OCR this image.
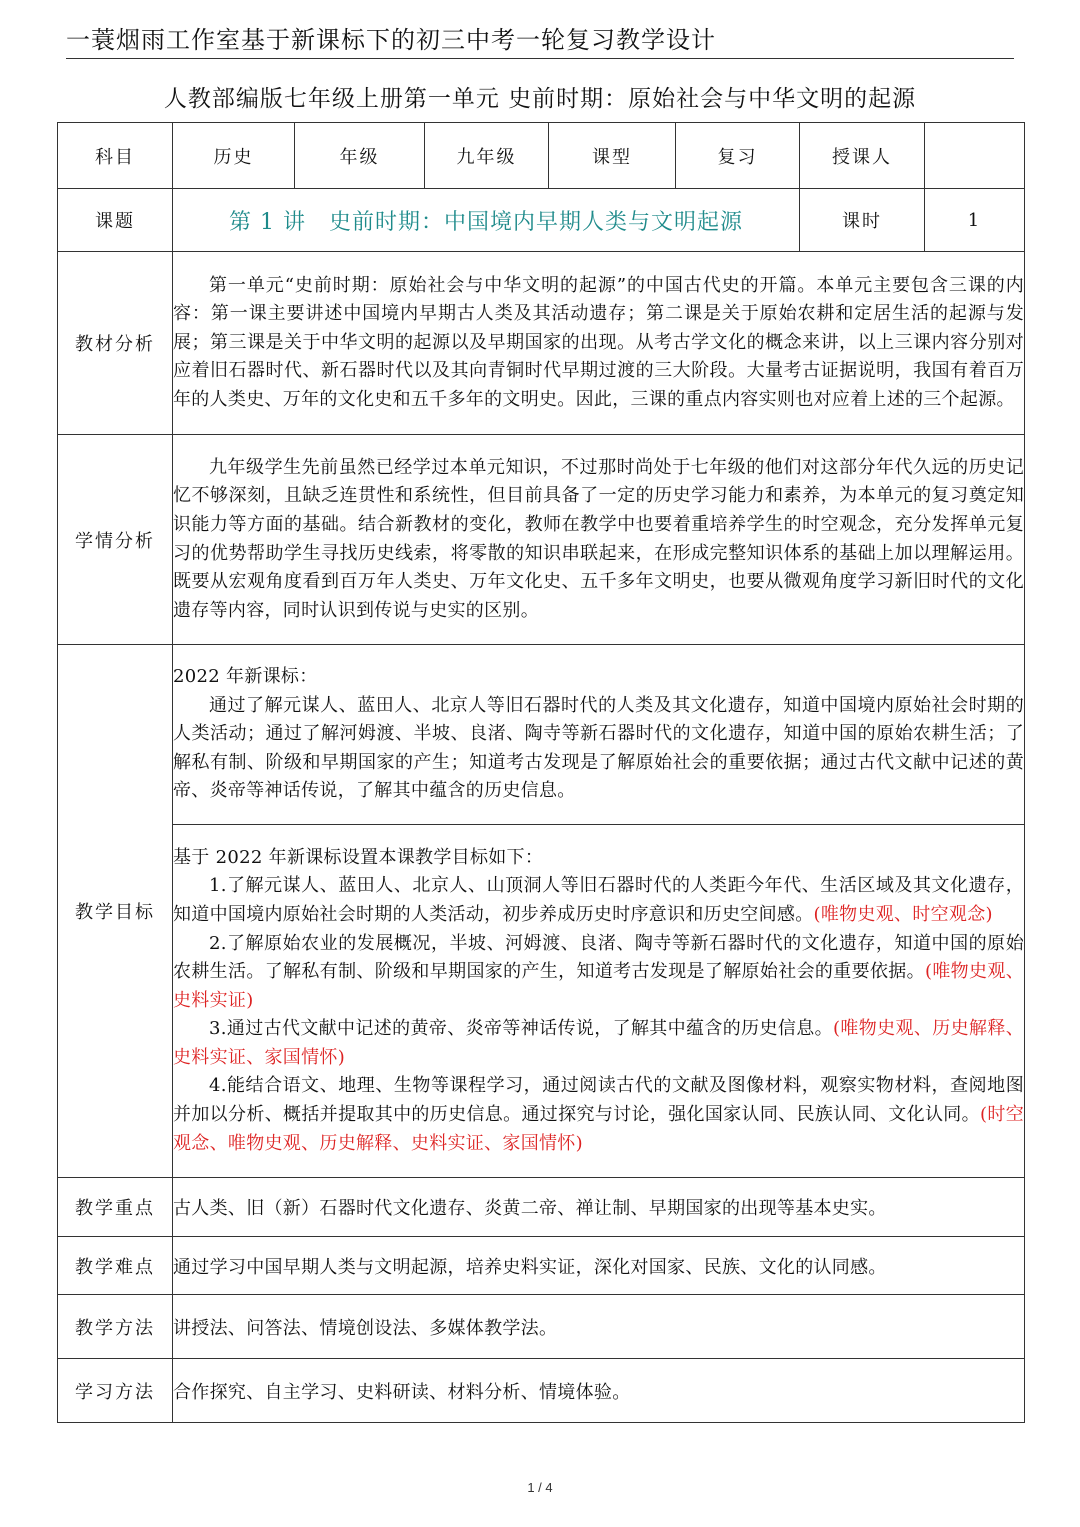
一蓑烟雨工作室基于新课标下的初三中考一轮复习教学设计
人教部编版七年级上册第一单元 史前时期：原始社会与中华文明的起源
科目	历史	年级	九年级	课型	复习	授课人	
课题	第 1 讲　史前时期：中国境内早期人类与文明起源					课时	1
教材分析	第一单元“史前时期：原始社会与中华文明的起源”的中国古代史的开篇。本单元主要包含三课的内容：第一课主要讲述中国境内早期古人类及其活动遗存；第二课是关于原始农耕和定居生活的起源与发展；第三课是关于中华文明的起源以及早期国家的出现。从考古学文化的概念来讲，以上三课内容分别对应着旧石器时代、新石器时代以及其向青铜时代早期过渡的三大阶段。大量考古证据说明，我国有着百万年的人类史、万年的文化史和五千多年的文明史。因此，三课的重点内容实则也对应着上述的三个起源。						

学情分析	九年级学生先前虽然已经学过本单元知识，不过那时尚处于七年级的他们对这部分年代久远的历史记忆不够深刻，且缺乏连贯性和系统性，但目前具备了一定的历史学习能力和素养，为本单元的复习奠定知识能力等方面的基础。结合新教材的变化，教师在教学中也要着重培养学生的时空观念，充分发挥单元复习的优势帮助学生寻找历史线索，将零散的知识串联起来，在形成完整知识体系的基础上加以理解运用。既要从宏观角度看到百万年人类史、万年文化史、五千多年文明史，也要从微观角度学习新旧时代的文化遗存等内容，同时认识到传说与史实的区别。						

教学目标	2022 年新课标：

通过了解元谋人、蓝田人、北京人等旧石器时代的人类及其文化遗存，知道中国境内原始社会时期的人类活动；通过了解河姆渡、半坡、良渚、陶寺等新石器时代的文化遗存，知道中国的原始农耕生活；了解私有制、阶级和早期国家的产生；知道考古发现是了解原始社会的重要依据；通过古代文献中记述的黄帝、炎帝等神话传说，了解其中蕴含的历史信息。						

	基于 2022 年新课标设置本课教学目标如下：

1.了解元谋人、蓝田人、北京人、山顶洞人等旧石器时代的人类距今年代、生活区域及其文化遗存，知道中国境内原始社会时期的人类活动，初步养成历史时序意识和历史空间感。(唯物史观、时空观念)

2.了解原始农业的发展概况，半坡、河姆渡、良渚、陶寺等新石器时代的文化遗存，知道中国的原始农耕生活。了解私有制、阶级和早期国家的产生，知道考古发现是了解原始社会的重要依据。(唯物史观、史料实证)

3.通过古代文献中记述的黄帝、炎帝等神话传说，了解其中蕴含的历史信息。(唯物史观、历史解释、史料实证、家国情怀)

4.能结合语文、地理、生物等课程学习，通过阅读古代的文献及图像材料，观察实物材料，查阅地图并加以分析、概括并提取其中的历史信息。通过探究与讨论，强化国家认同、民族认同、文化认同。(时空观念、唯物史观、历史解释、史料实证、家国情怀)						

教学重点	古人类、旧（新）石器时代文化遗存、炎黄二帝、禅让制、早期国家的出现等基本史实。						
教学难点	通过学习中国早期人类与文明起源，培养史料实证，深化对国家、民族、文化的认同感。						
教学方法	讲授法、问答法、情境创设法、多媒体教学法。						
学习方法	合作探究、自主学习、史料研读、材料分析、情境体验。						
1 / 4
